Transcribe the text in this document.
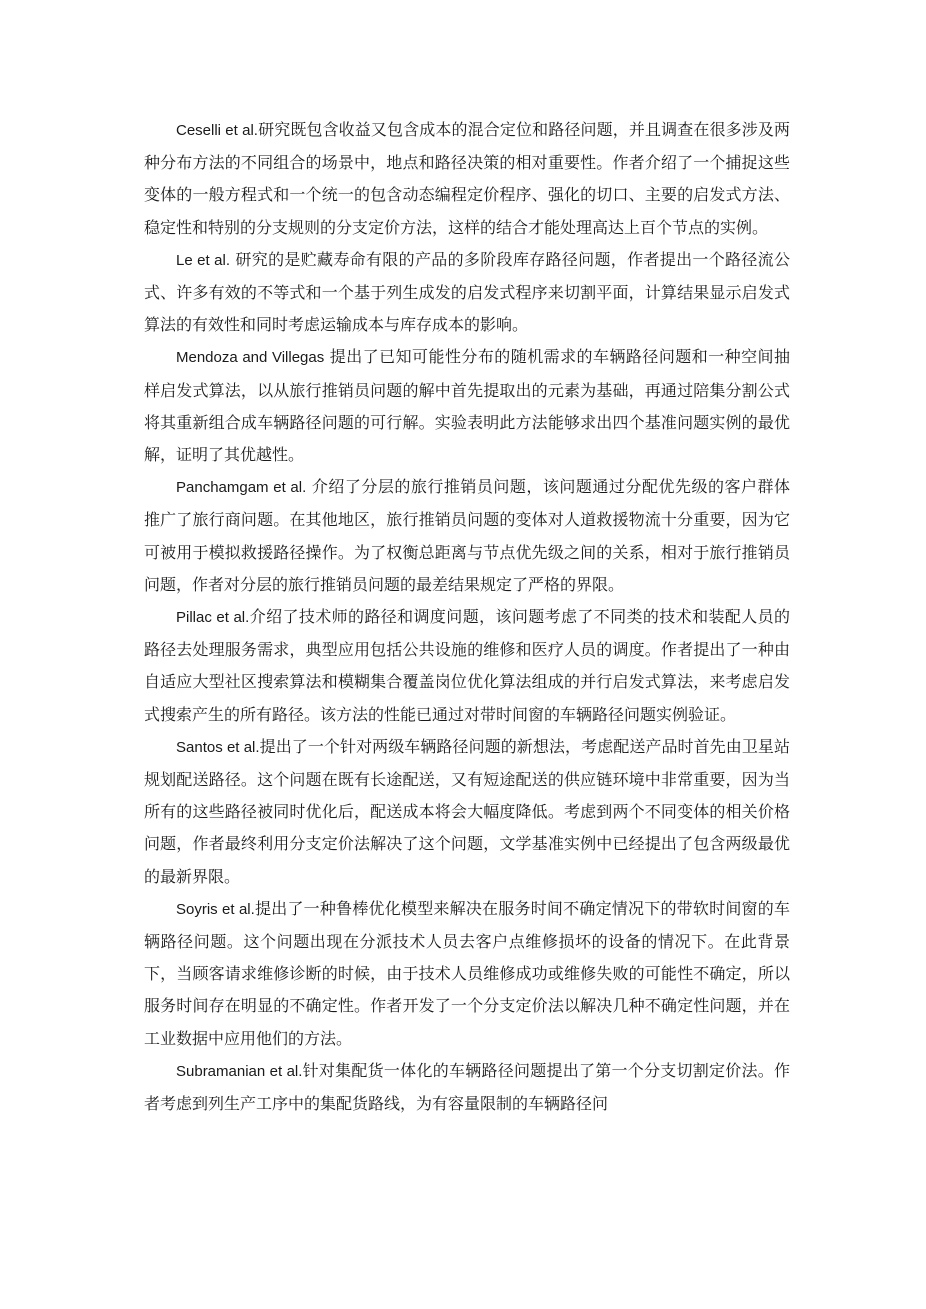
Ceselli et al.研究既包含收益又包含成本的混合定位和路径问题，并且调查在很多涉及两种分布方法的不同组合的场景中，地点和路径决策的相对重要性。作者介绍了一个捕捉这些变体的一般方程式和一个统一的包含动态编程定价程序、强化的切口、主要的启发式方法、稳定性和特别的分支规则的分支定价方法，这样的结合才能处理高达上百个节点的实例。

Le et al. 研究的是贮藏寿命有限的产品的多阶段库存路径问题，作者提出一个路径流公式、许多有效的不等式和一个基于列生成发的启发式程序来切割平面，计算结果显示启发式算法的有效性和同时考虑运输成本与库存成本的影响。

Mendoza and Villegas 提出了已知可能性分布的随机需求的车辆路径问题和一种空间抽样启发式算法，以从旅行推销员问题的解中首先提取出的元素为基础，再通过陪集分割公式将其重新组合成车辆路径问题的可行解。实验表明此方法能够求出四个基准问题实例的最优解，证明了其优越性。

Panchamgam et al. 介绍了分层的旅行推销员问题，该问题通过分配优先级的客户群体推广了旅行商问题。在其他地区，旅行推销员问题的变体对人道救援物流十分重要，因为它可被用于模拟救援路径操作。为了权衡总距离与节点优先级之间的关系，相对于旅行推销员问题，作者对分层的旅行推销员问题的最差结果规定了严格的界限。

Pillac et al.介绍了技术师的路径和调度问题，该问题考虑了不同类的技术和装配人员的路径去处理服务需求，典型应用包括公共设施的维修和医疗人员的调度。作者提出了一种由自适应大型社区搜索算法和模糊集合覆盖岗位优化算法组成的并行启发式算法，来考虑启发式搜索产生的所有路径。该方法的性能已通过对带时间窗的车辆路径问题实例验证。

Santos et al.提出了一个针对两级车辆路径问题的新想法，考虑配送产品时首先由卫星站规划配送路径。这个问题在既有长途配送，又有短途配送的供应链环境中非常重要，因为当所有的这些路径被同时优化后，配送成本将会大幅度降低。考虑到两个不同变体的相关价格问题，作者最终利用分支定价法解决了这个问题，文学基准实例中已经提出了包含两级最优的最新界限。

Soyris et al.提出了一种鲁棒优化模型来解决在服务时间不确定情况下的带软时间窗的车辆路径问题。这个问题出现在分派技术人员去客户点维修损坏的设备的情况下。在此背景下，当顾客请求维修诊断的时候，由于技术人员维修成功或维修失败的可能性不确定，所以服务时间存在明显的不确定性。作者开发了一个分支定价法以解决几种不确定性问题，并在工业数据中应用他们的方法。

Subramanian et al.针对集配货一体化的车辆路径问题提出了第一个分支切割定价法。作者考虑到列生产工序中的集配货路线，为有容量限制的车辆路径问
